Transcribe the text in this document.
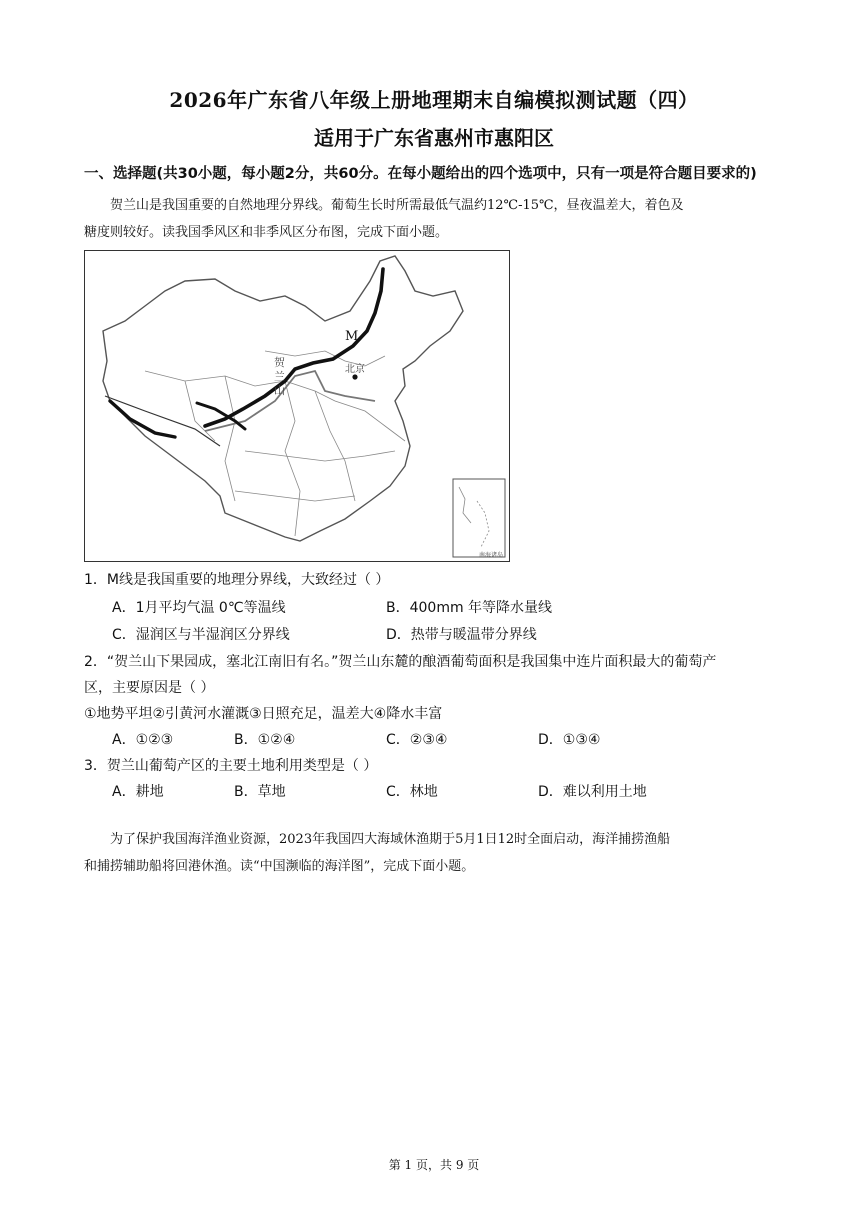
2026年广东省八年级上册地理期末自编模拟测试题（四）
适用于广东省惠州市惠阳区
一、选择题(共30小题，每小题2分，共60分。在每小题给出的四个选项中，只有一项是符合题目要求的)
贺兰山是我国重要的自然地理分界线。葡萄生长时所需最低气温约12℃-15℃，昼夜温差大，着色及
糖度则较好。读我国季风区和非季风区分布图，完成下面小题。
M
贺
兰
山
北京
南海诸岛
1．M线是我国重要的地理分界线，大致经过（ ）
A．1月平均气温 0℃等温线	B．400mm 年等降水量线
C．湿润区与半湿润区分界线	D．热带与暖温带分界线
2．“贺兰山下果园成，塞北江南旧有名。”贺兰山东麓的酿酒葡萄面积是我国集中连片面积最大的葡萄产
区，主要原因是（ ）
①地势平坦②引黄河水灌溉③日照充足，温差大④降水丰富
A．①②③	B．①②④	C．②③④	D．①③④
3．贺兰山葡萄产区的主要土地利用类型是（ ）
A．耕地	B．草地	C．林地	D．难以利用土地
为了保护我国海洋渔业资源，2023年我国四大海域休渔期于5月1日12时全面启动，海洋捕捞渔船
和捕捞辅助船将回港休渔。读“中国濒临的海洋图”，完成下面小题。
第 1 页，共 9 页
